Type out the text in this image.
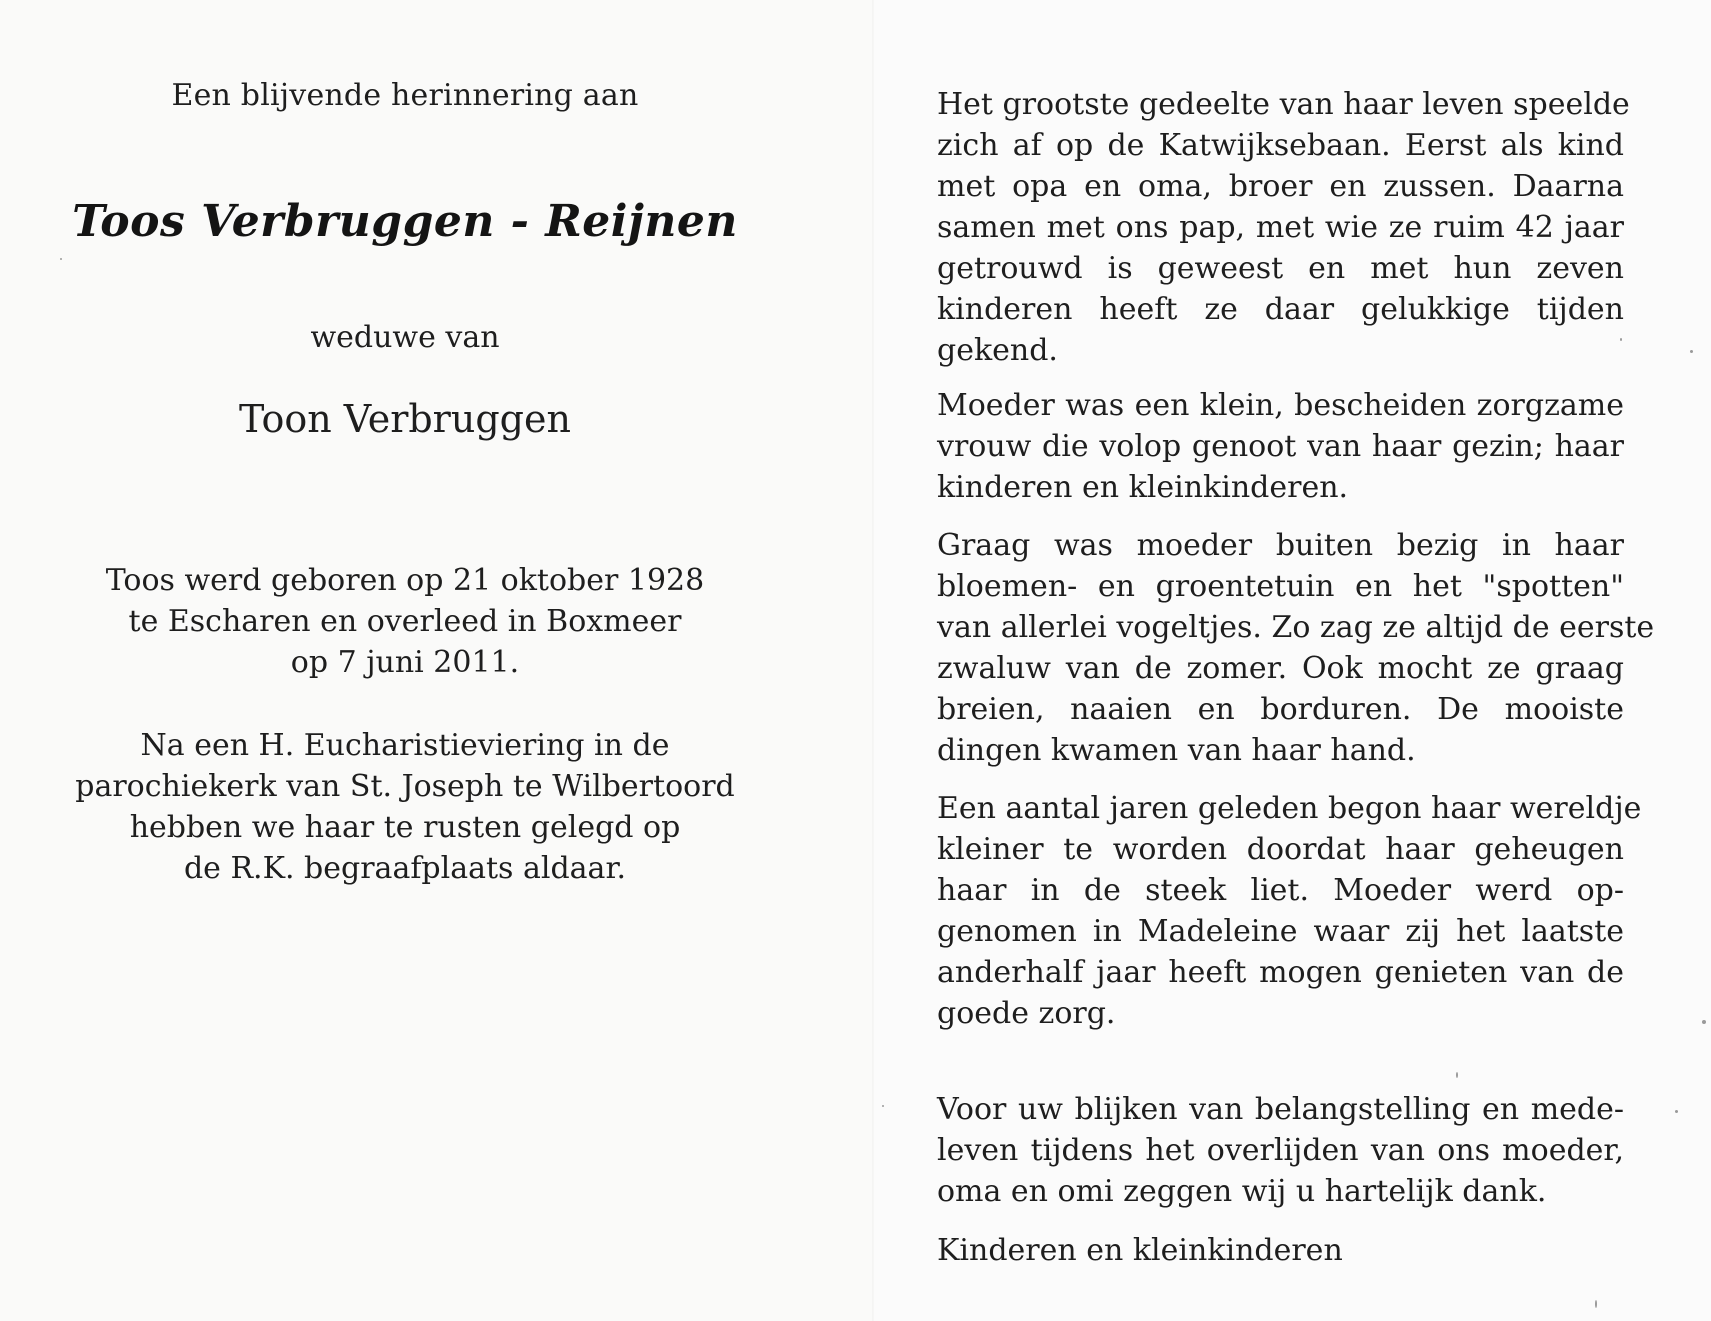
Een blijvende herinnering aan
Toos Verbruggen - Reijnen
weduwe van
Toon Verbruggen
Toos werd geboren op 21 oktober 1928
te Escharen en overleed in Boxmeer
op 7 juni 2011.
Na een H. Eucharistieviering in de
parochiekerk van St. Joseph te Wilbertoord
hebben we haar te rusten gelegd op
de R.K. begraafplaats aldaar.
Het grootste gedeelte van haar leven speelde
zich af op de Katwijksebaan. Eerst als kind
met opa en oma, broer en zussen. Daarna
samen met ons pap, met wie ze ruim 42 jaar
getrouwd is geweest en met hun zeven
kinderen heeft ze daar gelukkige tijden
gekend.
Moeder was een klein, bescheiden zorgzame
vrouw die volop genoot van haar gezin; haar
kinderen en kleinkinderen.
Graag was moeder buiten bezig in haar
bloemen- en groentetuin en het "spotten"
van allerlei vogeltjes. Zo zag ze altijd de eerste
zwaluw van de zomer. Ook mocht ze graag
breien, naaien en borduren. De mooiste
dingen kwamen van haar hand.
Een aantal jaren geleden begon haar wereldje
kleiner te worden doordat haar geheugen
haar in de steek liet. Moeder werd op-
genomen in Madeleine waar zij het laatste
anderhalf jaar heeft mogen genieten van de
goede zorg.
Voor uw blijken van belangstelling en mede-
leven tijdens het overlijden van ons moeder,
oma en omi zeggen wij u hartelijk dank.
Kinderen en kleinkinderen
